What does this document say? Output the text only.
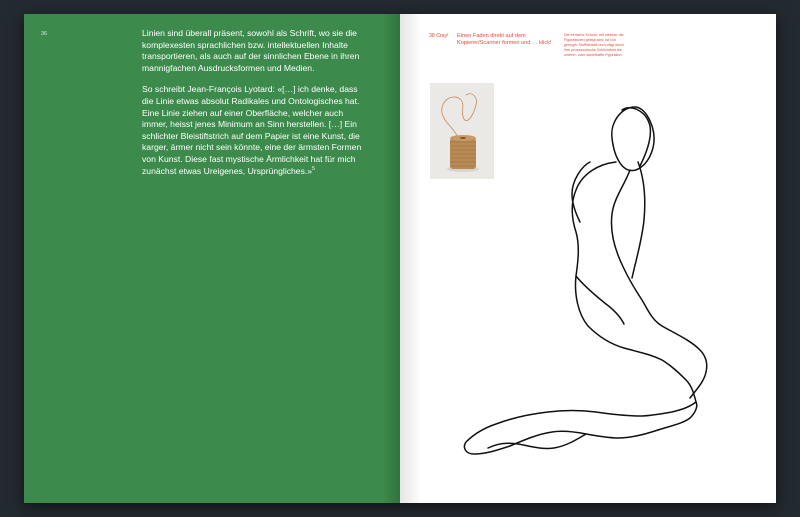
36	Linien sind überall präsent, sowohl als Schrift, wo sie die komplexesten sprachlichen bzw. intellektuellen Inhalte transportieren, als auch auf der sinnlichen Ebene in ihren mannigfachen Ausdrucksformen und Medien.

So schreibt Jean-François Lyotard: «[…] ich denke, dass die Linie etwas absolut Radikales und Ontologisches hat. Eine Linie ziehen auf einer Oberfläche, welcher auch immer, heisst jenes Minimum an Sinn herstellen. […] Ein schlichter Bleistiftstrich auf dem Papier ist eine Kunst, die karger, ärmer nicht sein könnte, eine der ärmsten Formen von Kunst. Diese fast mystische Ärmlichkeit hat für mich zunächst etwas Ureigenes, Ursprüngliches.»$^5$

38 Cray!	Einen Faden direkt auf dem Kopierer/Scanner formen und … klick!
Die einfache Schnur, mit welcher die Figurationen gelegt sind, ist von geringer Stofflichkeit und prägt durch ihre prozessorische Schlichtheit die unterer- oder skelethafte Figuration.
